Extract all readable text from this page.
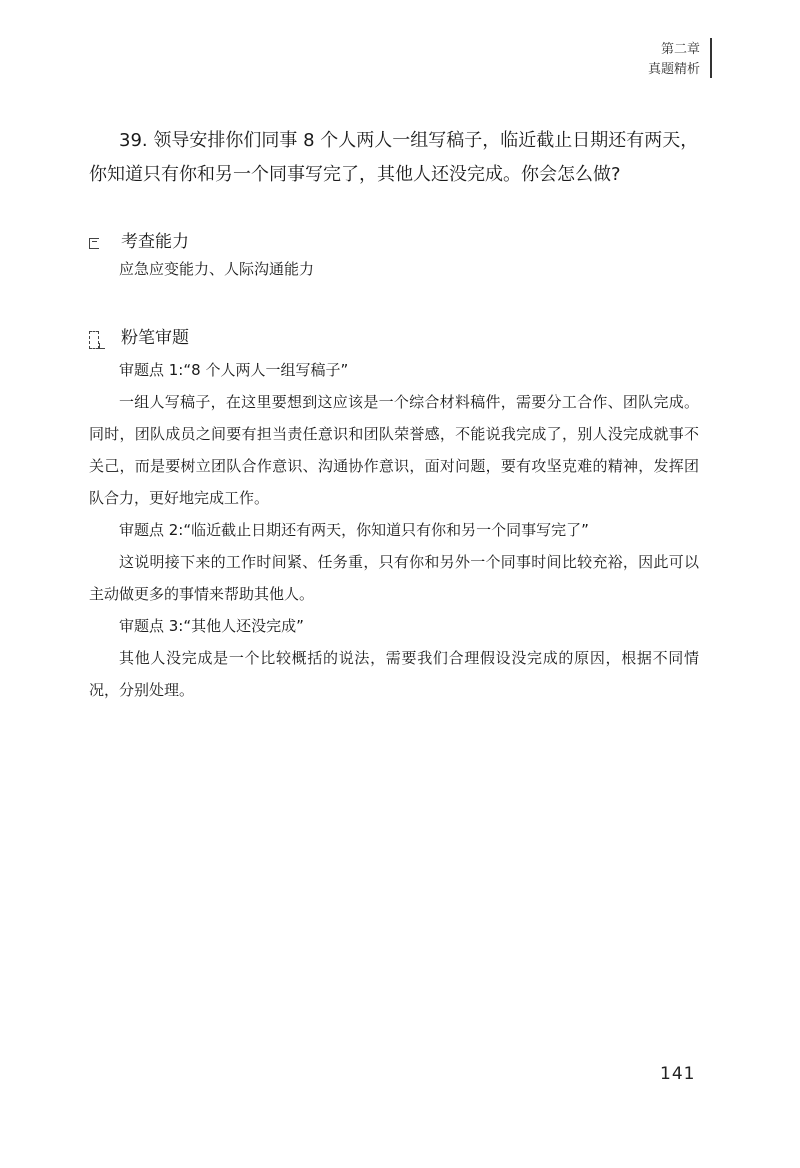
第二章
真题精析
39. 领导安排你们同事 8 个人两人一组写稿子，临近截止日期还有两天，你知道只有你和另一个同事写完了，其他人还没完成。你会怎么做?
考查能力
应急应变能力、人际沟通能力
粉笔审题

审题点 1:“8 个人两人一组写稿子”

一组人写稿子，在这里要想到这应该是一个综合材料稿件，需要分工合作、团队完成。同时，团队成员之间要有担当责任意识和团队荣誉感，不能说我完成了，别人没完成就事不关己，而是要树立团队合作意识、沟通协作意识，面对问题，要有攻坚克难的精神，发挥团队合力，更好地完成工作。

审题点 2:“临近截止日期还有两天，你知道只有你和另一个同事写完了”

这说明接下来的工作时间紧、任务重，只有你和另外一个同事时间比较充裕，因此可以主动做更多的事情来帮助其他人。

审题点 3:“其他人还没完成”

其他人没完成是一个比较概括的说法，需要我们合理假设没完成的原因，根据不同情况，分别处理。

141
